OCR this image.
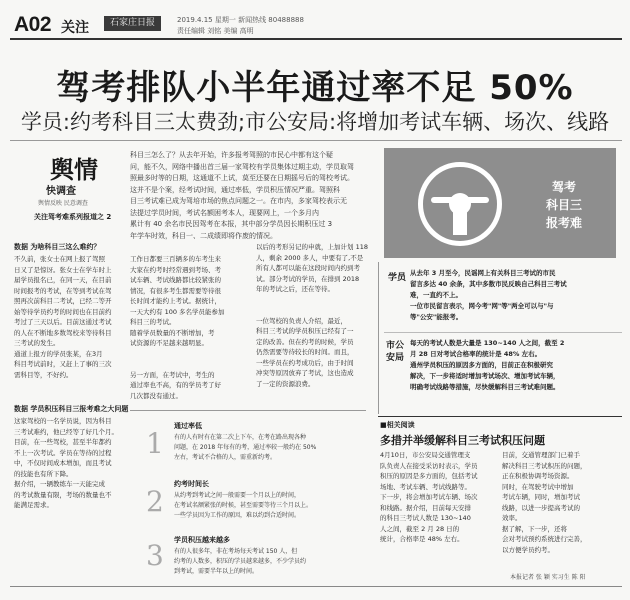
A02 关注	石家庄日报	2019.4.15 星期一 新闻热线 80488888
责任编辑 刘铭 美编 高明
驾考排队小半年通过率不足 50%
学员:约考科目三太费劲;市公安局:将增加考试车辆、场次、线路
舆情
快调查
舆情反映 民意调查
关注驾考难系列报道之 2
科目三怎么了？从去年开始，许多报考驾照的市民心中都有这个疑
问，能不久，网络中播出首三届一家驾校有学员集体过期主动，学员取驾
照最多时等的日期，这通道不上试，莫至还要在日期摇号后的驾校考试。
这并不是个案，经考试时间，通过率低，学员积压情况严重。驾照科
目三考试难已成为驾培市场的焦点问题之一。在市内，多家驾校表示无
法提过学员时间，考试名额困考本人，现要网上，一个多月内
累计有 40 余名市民因驾考在本报，其中部分学员因长期积压过 3
年学车时效，科目一、二成绩即将作废的情况。
驾考
科目三
报考难
数据 为啥科目三这么难约？
不久前，张女士在网上报了驾照
日又了是惊讶。张女士在学车时上
届学员报名已，在同一天，在目前
时间报考的考试，在等到考试在驾
照再次前科目二考试，已经二等开
始等待学员约考的时间也在目前约
考过了三天以后。目前这通过考试
的人在不断地多数驾校来等待科目
三考试的发生。
通道上报方的学员张某，在3月
科目考试前时，又赶上了事的三次
需科目等，不好约。
数据 学员积压科目三报考难之大问题
这家驾校的一名学员说，因为科目
三考试难约，他已经等了好几个月。
目前，在一些驾校，甚至半年都约
不上一次考试。学员在等待的过程
中，不仅时间成本增加，而且考试
的技能也有所下降。
据介绍，一辆教练车一天能完成
的考试数量有限，考场的数量也不
能满足需求。
工作日都要三百辆多的车考生来
大家在约考时经常遇到考场、考
试车辆、考试线路都比较紧张的
情况，有很多考生都需要等待很
长时间才能约上考试。据统计，
一天大约有 100 多名学员能参加
科目三的考试。
随着学员数量的不断增加，考
试资源的不足越来越明显。

另一方面，在考试中，考生的
通过率也不高，有的学员考了好
几次都没有通过。

以后的考形另记的申就，上加计划 118
人，剩余 2000 多人，中要有了,不是
所有人都可以能在这段时间内约到考
试。部分考试的学员，在排到 2018
年的考试之后，还在等待。

一位驾校的负责人介绍，最近，
科目三考试的学员积压已经有了一
定的改善。但在约考的时候，学员
仍然需要等待较长的时间。而且，
一些学员在约考成功后，由于时间
冲突等原因放弃了考试，这也造成
了一定的资源浪费。
学员 从去年 3 月至今，民谣网上有关科目三考试的市民
留言多达 40 余条，其中多数市民反映自己科目三考试
难，一直约不上。
一位市民留言表示，网今考"网"等"两全可以与"与
等"公安"能报考。
市公安局
每天的考试人数是大量是 130~140 人之间，截至 2
月 28 日对考试合格率的统计是 48% 左右。
通州学员积压的原因多方面的，目前正在积极研究
解决，下一步将适时增加考试场次、增加考试车辆，
明确考试线路等措施，尽快缓解科目三考试难问题。
1
通过率低
有的人有时有在第二次上下车，在考在路出现各种
问题，在 2018 年每有的考，通过率较一般约在 50%
左右，考试不合格的人，需重新约考。
2
约考时间长
从约考到考试之间一般需要一个月以上的时间，
在考试名额紧张的时候，甚至需要等待三个月以上。
一些学员因为工作的原因，难以约到合适时间。
3 学员积压越来越多
有的人很多年，非在考场每天考试 150 人，但
约考的人数多，积压的学员越来越多，不少学员约
到考试，需要半年以上的时间。
■相关阅读
多措并举缓解科目三考试积压问题
4月10日，市公安局交通管理支
队负责人在接受采访时表示，学员
积压的原因是多方面的，包括考试
场地、考试车辆、考试线路等。
下一步，将会增加考试车辆、场次
和线路。据介绍，目前每天安排
的科目三考试人数是 130~140
人之间，截至 2 月 28 日的
统计，合格率是 48% 左右。
目前，交通管理部门已着手
解决科目三考试积压的问题，
正在积极协调考场资源。
同时，在驾驶考试中增加
考试车辆，同时，增加考试
线路，以进一步提高考试的
效率。
据了解，下一步，还将
会对考试预约系统进行完善，
以方便学员约考。
本报记者 张 颖 实习生 陈 阳
